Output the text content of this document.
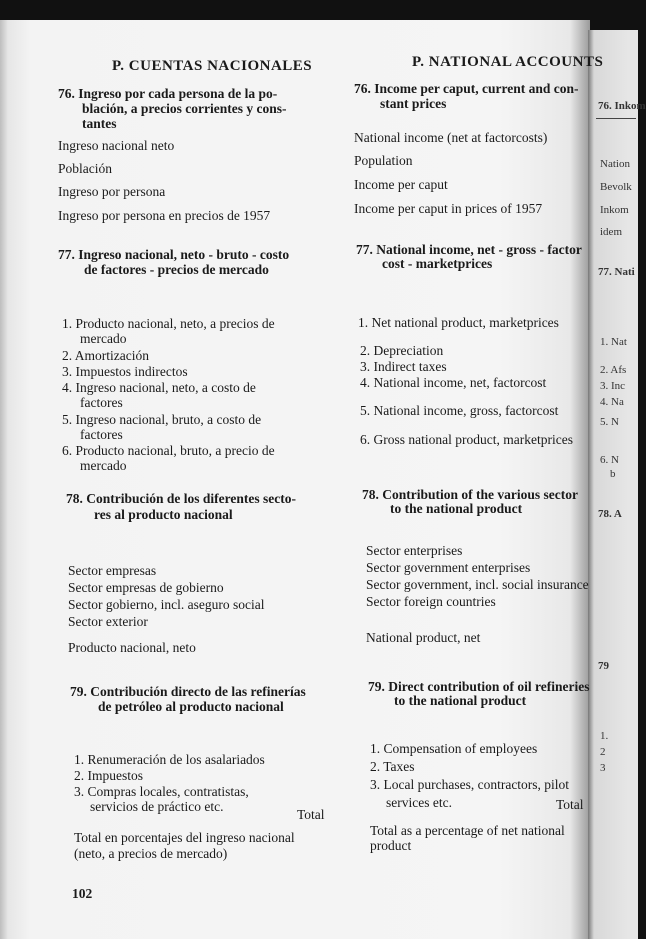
76. Inkom
Nation
Bevolk
Inkom
idem
77. Nati
1. Nat
2. Afs
3. Inc
4. Na
5. N
6. N
b
78. A
79
1.
2
3
P. CUENTAS NACIONALES
76. Ingreso por cada persona de la po-
blación, a precios corrientes y cons-
tantes
Ingreso nacional neto
Población
Ingreso por persona
Ingreso por persona en precios de 1957
77. Ingreso nacional, neto - bruto - costo
de factores - precios de mercado
1. Producto nacional, neto, a precios de
mercado
2. Amortización
3. Impuestos indirectos
4. Ingreso nacional, neto, a costo de
factores
5. Ingreso nacional, bruto, a costo de
factores
6. Producto nacional, bruto, a precio de
mercado
78. Contribución de los diferentes secto-
res al producto nacional
Sector empresas
Sector empresas de gobierno
Sector gobierno, incl. aseguro social
Sector exterior
Producto nacional, neto
79. Contribución directo de las refinerías
de petróleo al producto nacional
1. Renumeración de los asalariados
2. Impuestos
3. Compras locales, contratistas,
servicios de práctico etc.
Total
Total en porcentajes del ingreso nacional
(neto, a precios de mercado)
102
P. NATIONAL ACCOUNTS
76. Income per caput, current and con-
stant prices
National income (net at factorcosts)
Population
Income per caput
Income per caput in prices of 1957
77. National income, net - gross - factor
cost - marketprices
1. Net national product, marketprices
2. Depreciation
3. Indirect taxes
4. National income, net, factorcost
5. National income, gross, factorcost
6. Gross national product, marketprices
78. Contribution of the various sector
to the national product
Sector enterprises
Sector government enterprises
Sector government, incl. social insurance
Sector foreign countries
National product, net
79. Direct contribution of oil refineries
to the national product
1. Compensation of employees
2. Taxes
3. Local purchases, contractors, pilot
services etc.	Total
Total as a percentage of net national
product
